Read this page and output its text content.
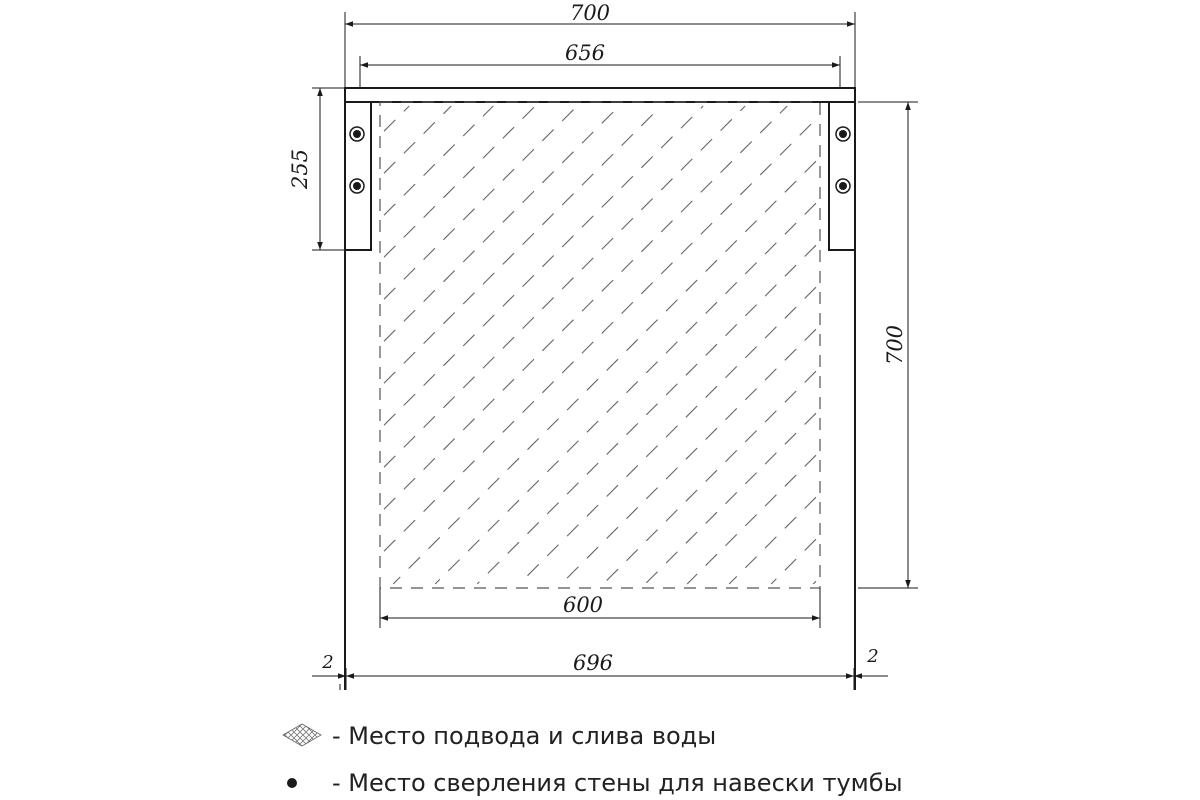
700
656
255
700
600
696
2	2
- Место подвода и слива воды
- Место сверления стены для навески тумбы
